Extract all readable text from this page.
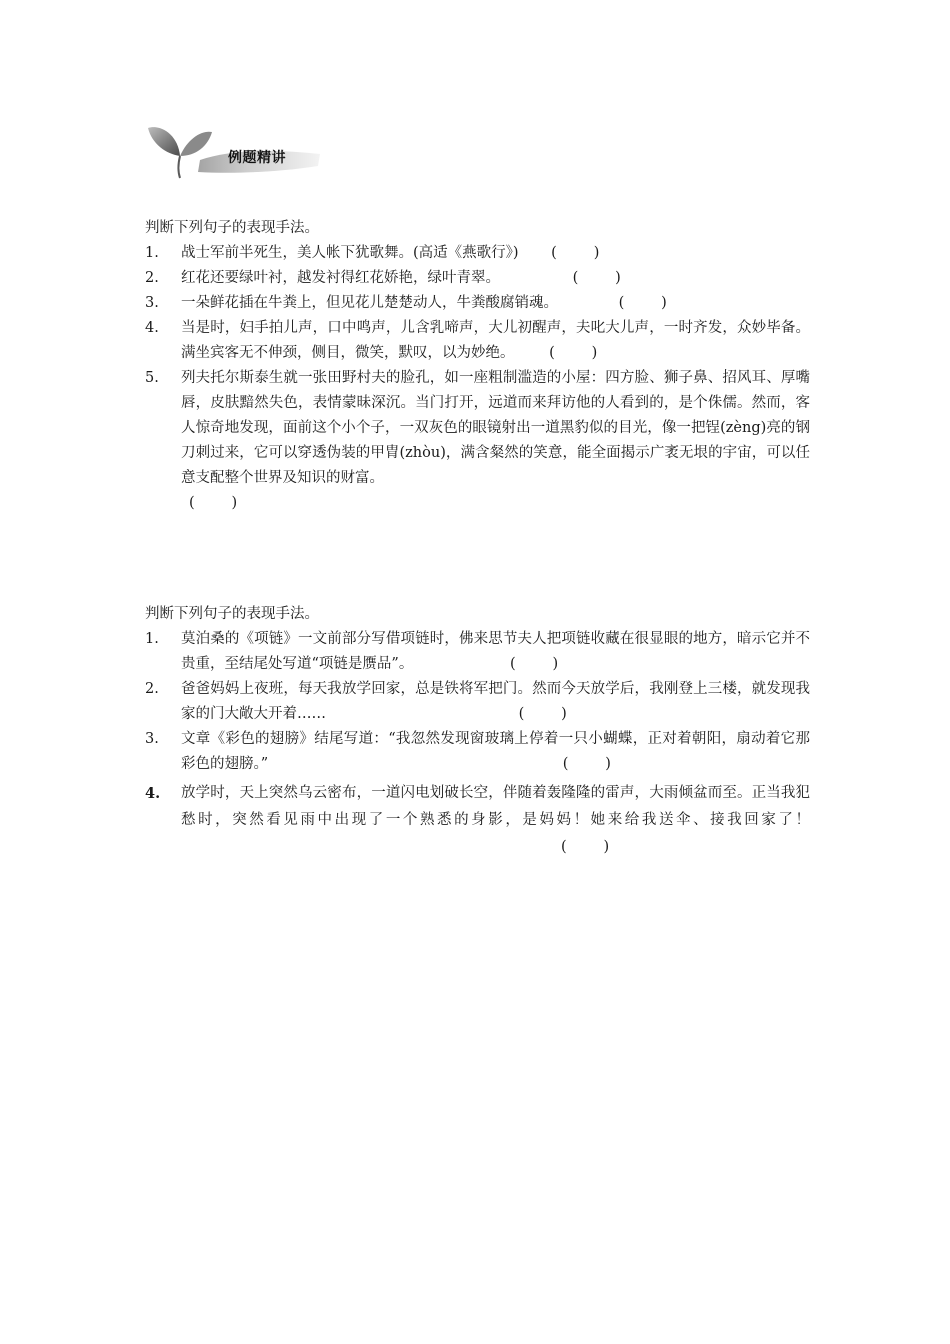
例题精讲

判断下列句子的表现手法。

1. 战士军前半死生，美人帐下犹歌舞。(高适《燕歌行》) (        )
2. 红花还要绿叶衬，越发衬得红花娇艳，绿叶青翠。	(        )
3. 一朵鲜花插在牛粪上，但见花儿楚楚动人，牛粪酸腐销魂。	(        )
4. 当是时，妇手拍儿声，口中鸣声，儿含乳啼声，大儿初醒声，夫叱大儿声，一时齐发，众妙毕备。满坐宾客无不伸颈，侧目，微笑，默叹，以为妙绝。 (        )
5. 列夫托尔斯泰生就一张田野村夫的脸孔，如一座粗制滥造的小屋：四方脸、狮子鼻、招风耳、厚嘴唇，皮肤黯然失色，表情蒙昧深沉。当门打开，远道而来拜访他的人看到的，是个侏儒。然而，客人惊奇地发现，面前这个小个子，一双灰色的眼镜射出一道黑豹似的目光，像一把锃(zèng)亮的钢刀刺过来，它可以穿透伪装的甲胄(zhòu)，满含粲然的笑意，能全面揭示广袤无垠的宇宙，可以任意支配整个世界及知识的财富。
(        )

判断下列句子的表现手法。

1. 莫泊桑的《项链》一文前部分写借项链时，佛来思节夫人把项链收藏在很显眼的地方，暗示它并不贵重，至结尾处写道“项链是赝品”。	(        )
2. 爸爸妈妈上夜班，每天我放学回家，总是铁将军把门。然而今天放学后，我刚登上三楼，就发现我家的门大敞大开着……	(        )
3. 文章《彩色的翅膀》结尾写道：“我忽然发现窗玻璃上停着一只小蝴蝶，正对着朝阳，扇动着它那彩色的翅膀。”	(        )
4. 放学时，天上突然乌云密布，一道闪电划破长空，伴随着轰隆隆的雷声，大雨倾盆而至。正当我犯愁时，突然看见雨中出现了一个熟悉的身影，是妈妈！她来给我送伞、接我回家了！ (        )
